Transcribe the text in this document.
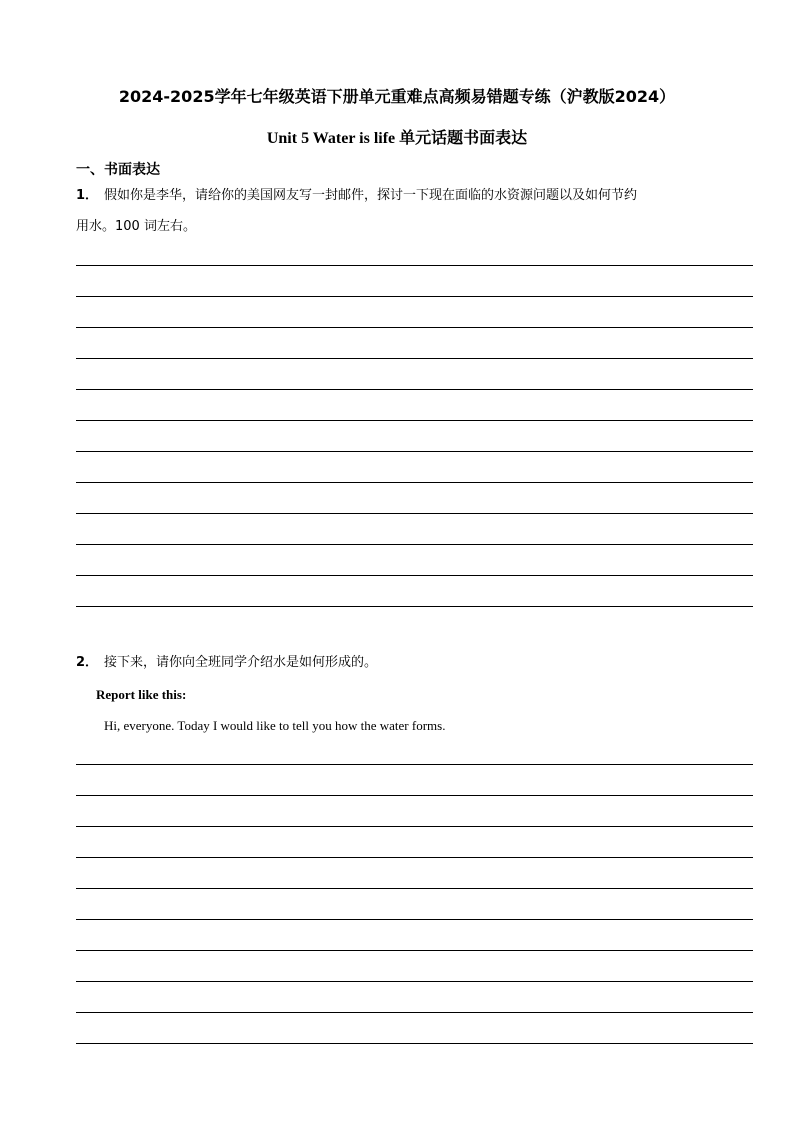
2024-2025学年七年级英语下册单元重难点高频易错题专练（沪教版2024）
Unit 5 Water is life 单元话题书面表达
一、书面表达
1． 假如你是李华，请给你的美国网友写一封邮件，探讨一下现在面临的水资源问题以及如何节约
用水。100 词左右。
2． 接下来，请你向全班同学介绍水是如何形成的。
Report like this:
Hi, everyone. Today I would like to tell you how the water forms.
